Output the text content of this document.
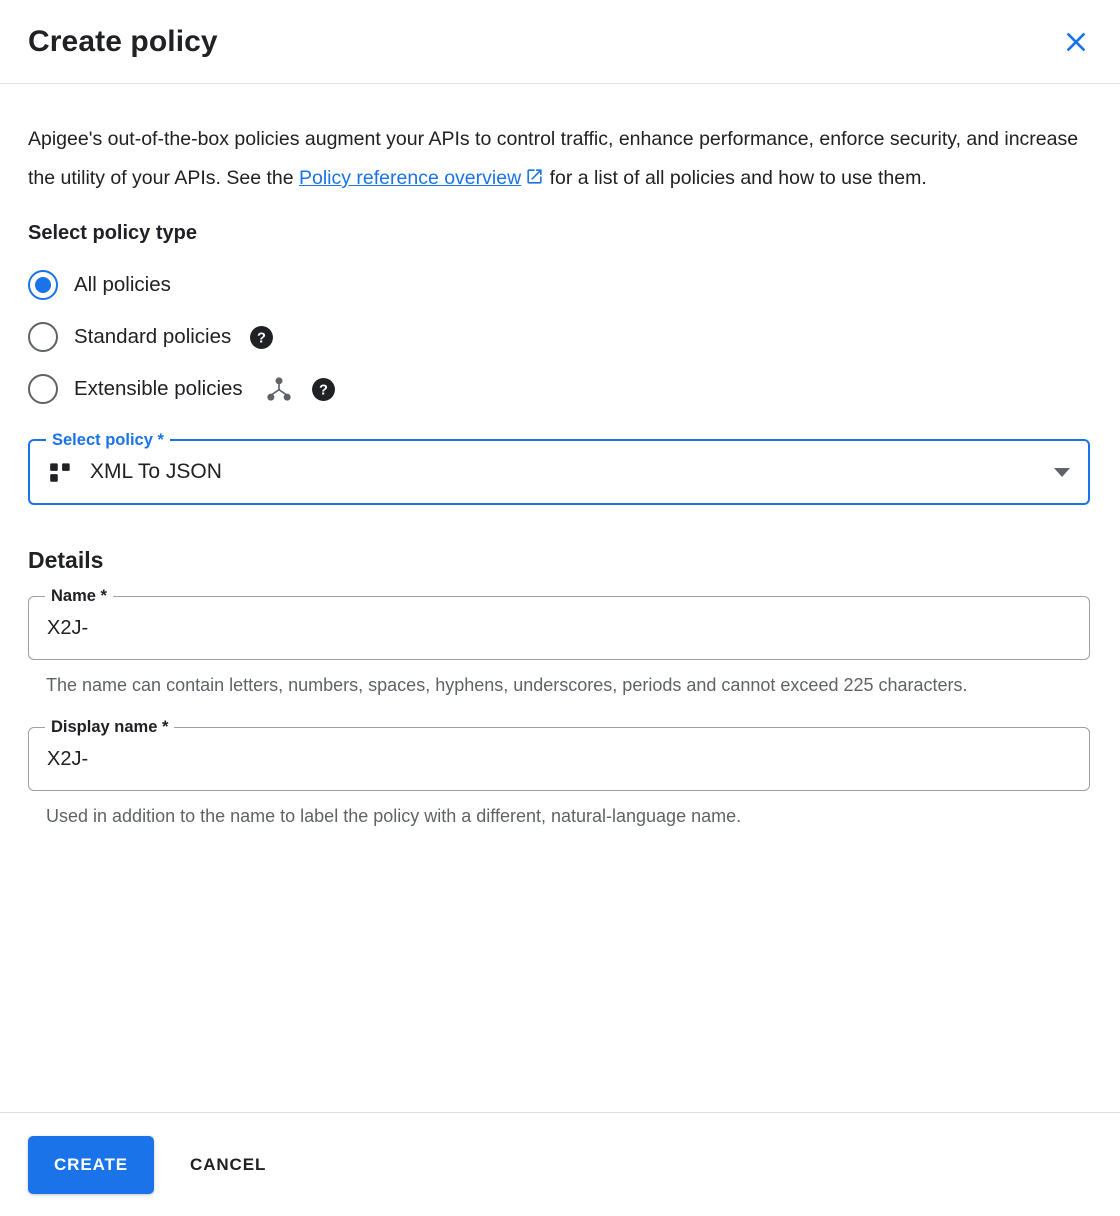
Create policy

Apigee's out-of-the-box policies augment your APIs to control traffic, enhance performance, enforce security, and increase the utility of your APIs. See the Policy reference overview for a list of all policies and how to use them.

Select policy type
All policies
Standard policies ?
Extensible policies	?
Select policy *
XML To JSON
Details
Name *
X2J-
The name can contain letters, numbers, spaces, hyphens, underscores, periods and cannot exceed 225 characters.
Display name *
X2J-
Used in addition to the name to label the policy with a different, natural-language name.
CREATE	CANCEL
